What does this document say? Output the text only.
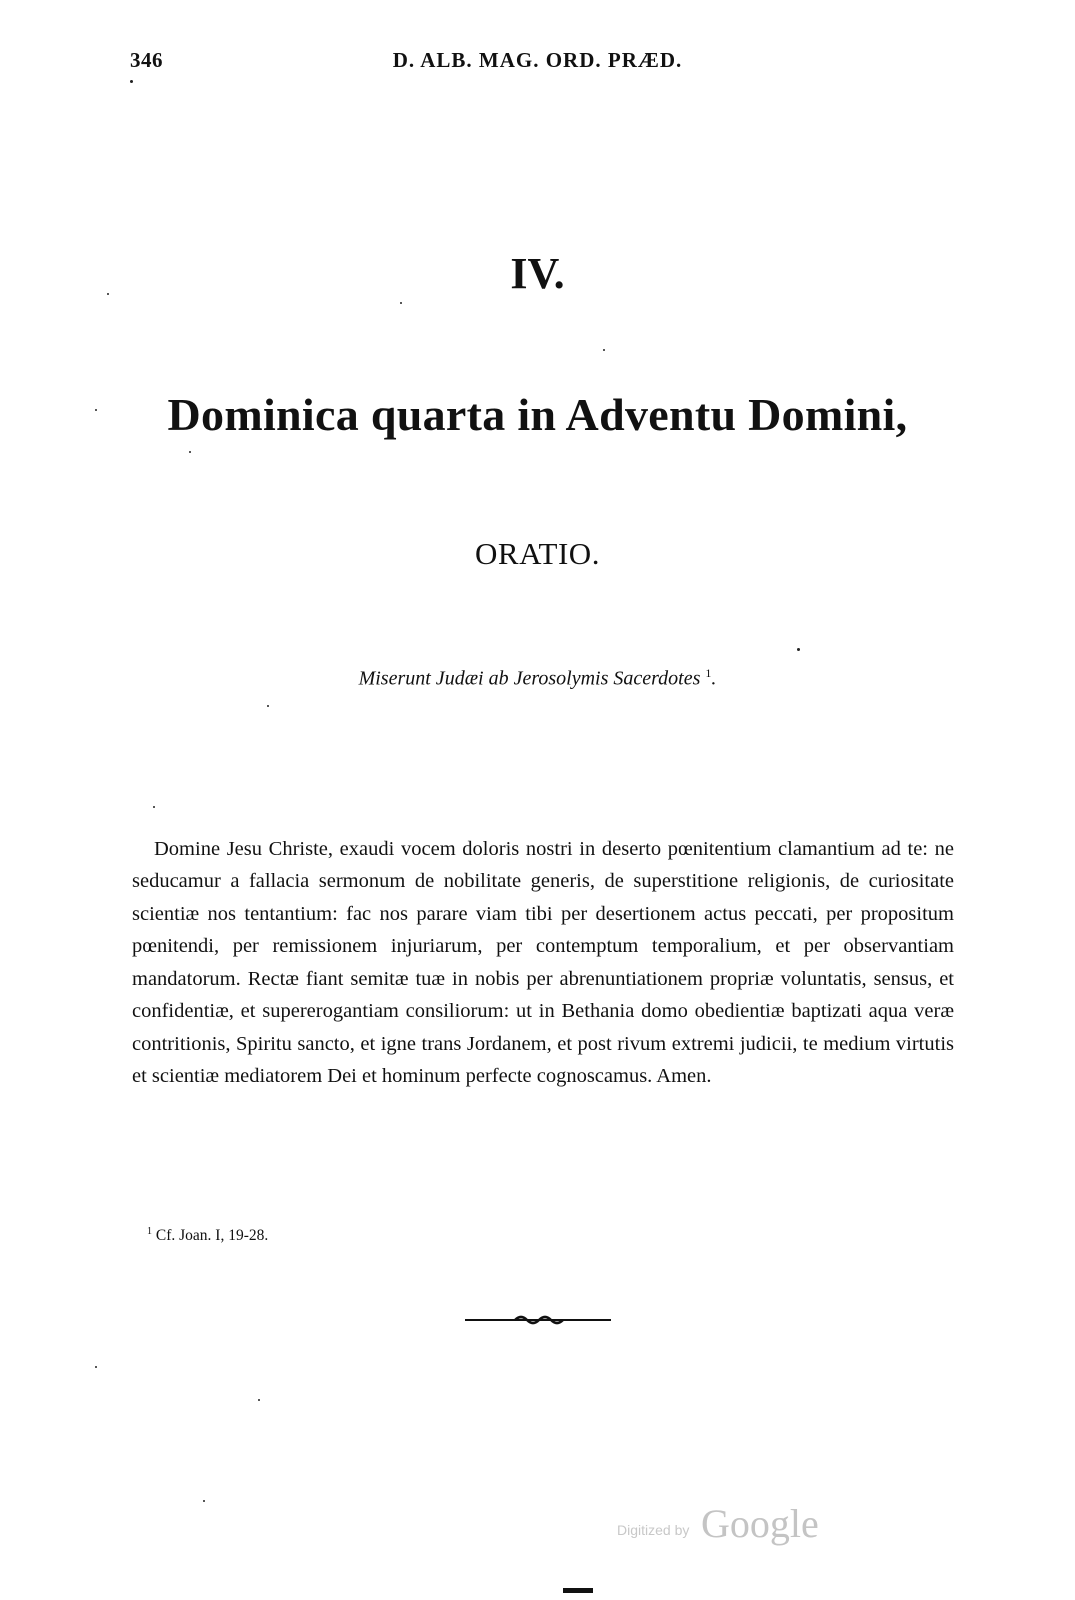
346	D. ALB. MAG. ORD. PRÆD.
IV.
Dominica quarta in Adventu Domini,
ORATIO.
Miserunt Judæi ab Jerosolymis Sacerdotes $^1$.

Domine Jesu Christe, exaudi vocem doloris nostri in deserto pœnitentium clamantium ad te: ne seducamur a fallacia sermonum de nobilitate generis, de superstitione religionis, de curiositate scientiæ nos tentantium: fac nos parare viam tibi per desertionem actus peccati, per propositum pœnitendi, per remissionem injuriarum, per contemptum temporalium, et per observantiam mandatorum. Rectæ fiant semitæ tuæ in nobis per abrenuntiationem propriæ voluntatis, sensus, et confidentiæ, et supererogantiam consiliorum: ut in Bethania domo obedientiæ baptizati aqua veræ contritionis, Spiritu sancto, et igne trans Jordanem, et post rivum extremi judicii, te medium virtutis et scientiæ mediatorem Dei et hominum perfecte cognoscamus. Amen.

$^1$ Cf. Joan. I, 19-28.
Digitized by Google
